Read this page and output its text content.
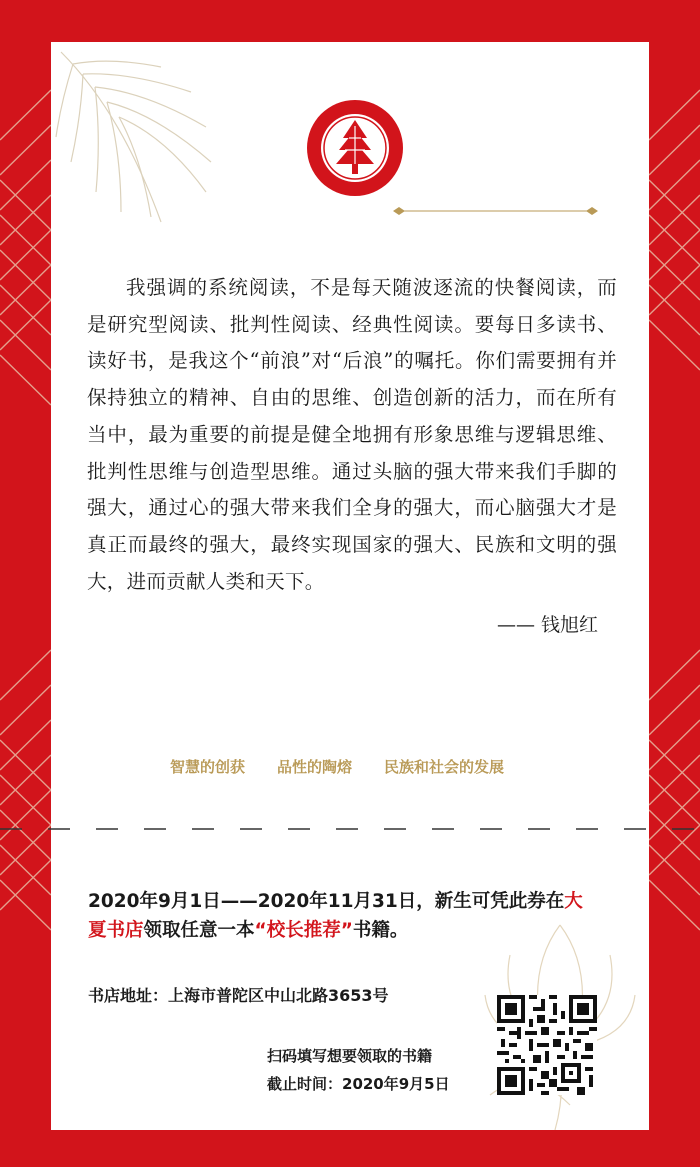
我强调的系统阅读，不是每天随波逐流的快餐阅读，而是研究型阅读、批判性阅读、经典性阅读。要每日多读书、读好书，是我这个“前浪”对“后浪”的嘱托。你们需要拥有并保持独立的精神、自由的思维、创造创新的活力，而在所有当中，最为重要的前提是健全地拥有形象思维与逻辑思维、批判性思维与创造型思维。通过头脑的强大带来我们手脚的强大，通过心的强大带来我们全身的强大，而心脑强大才是真正而最终的强大，最终实现国家的强大、民族和文明的强大，进而贡献人类和天下。

—— 钱旭红
智慧的创获 品性的陶熔 民族和社会的发展
2020年9月1日——2020年11月31日，新生可凭此券在大夏书店领取任意一本“校长推荐”书籍。
书店地址：上海市普陀区中山北路3653号
扫码填写想要领取的书籍
截止时间：2020年9月5日
